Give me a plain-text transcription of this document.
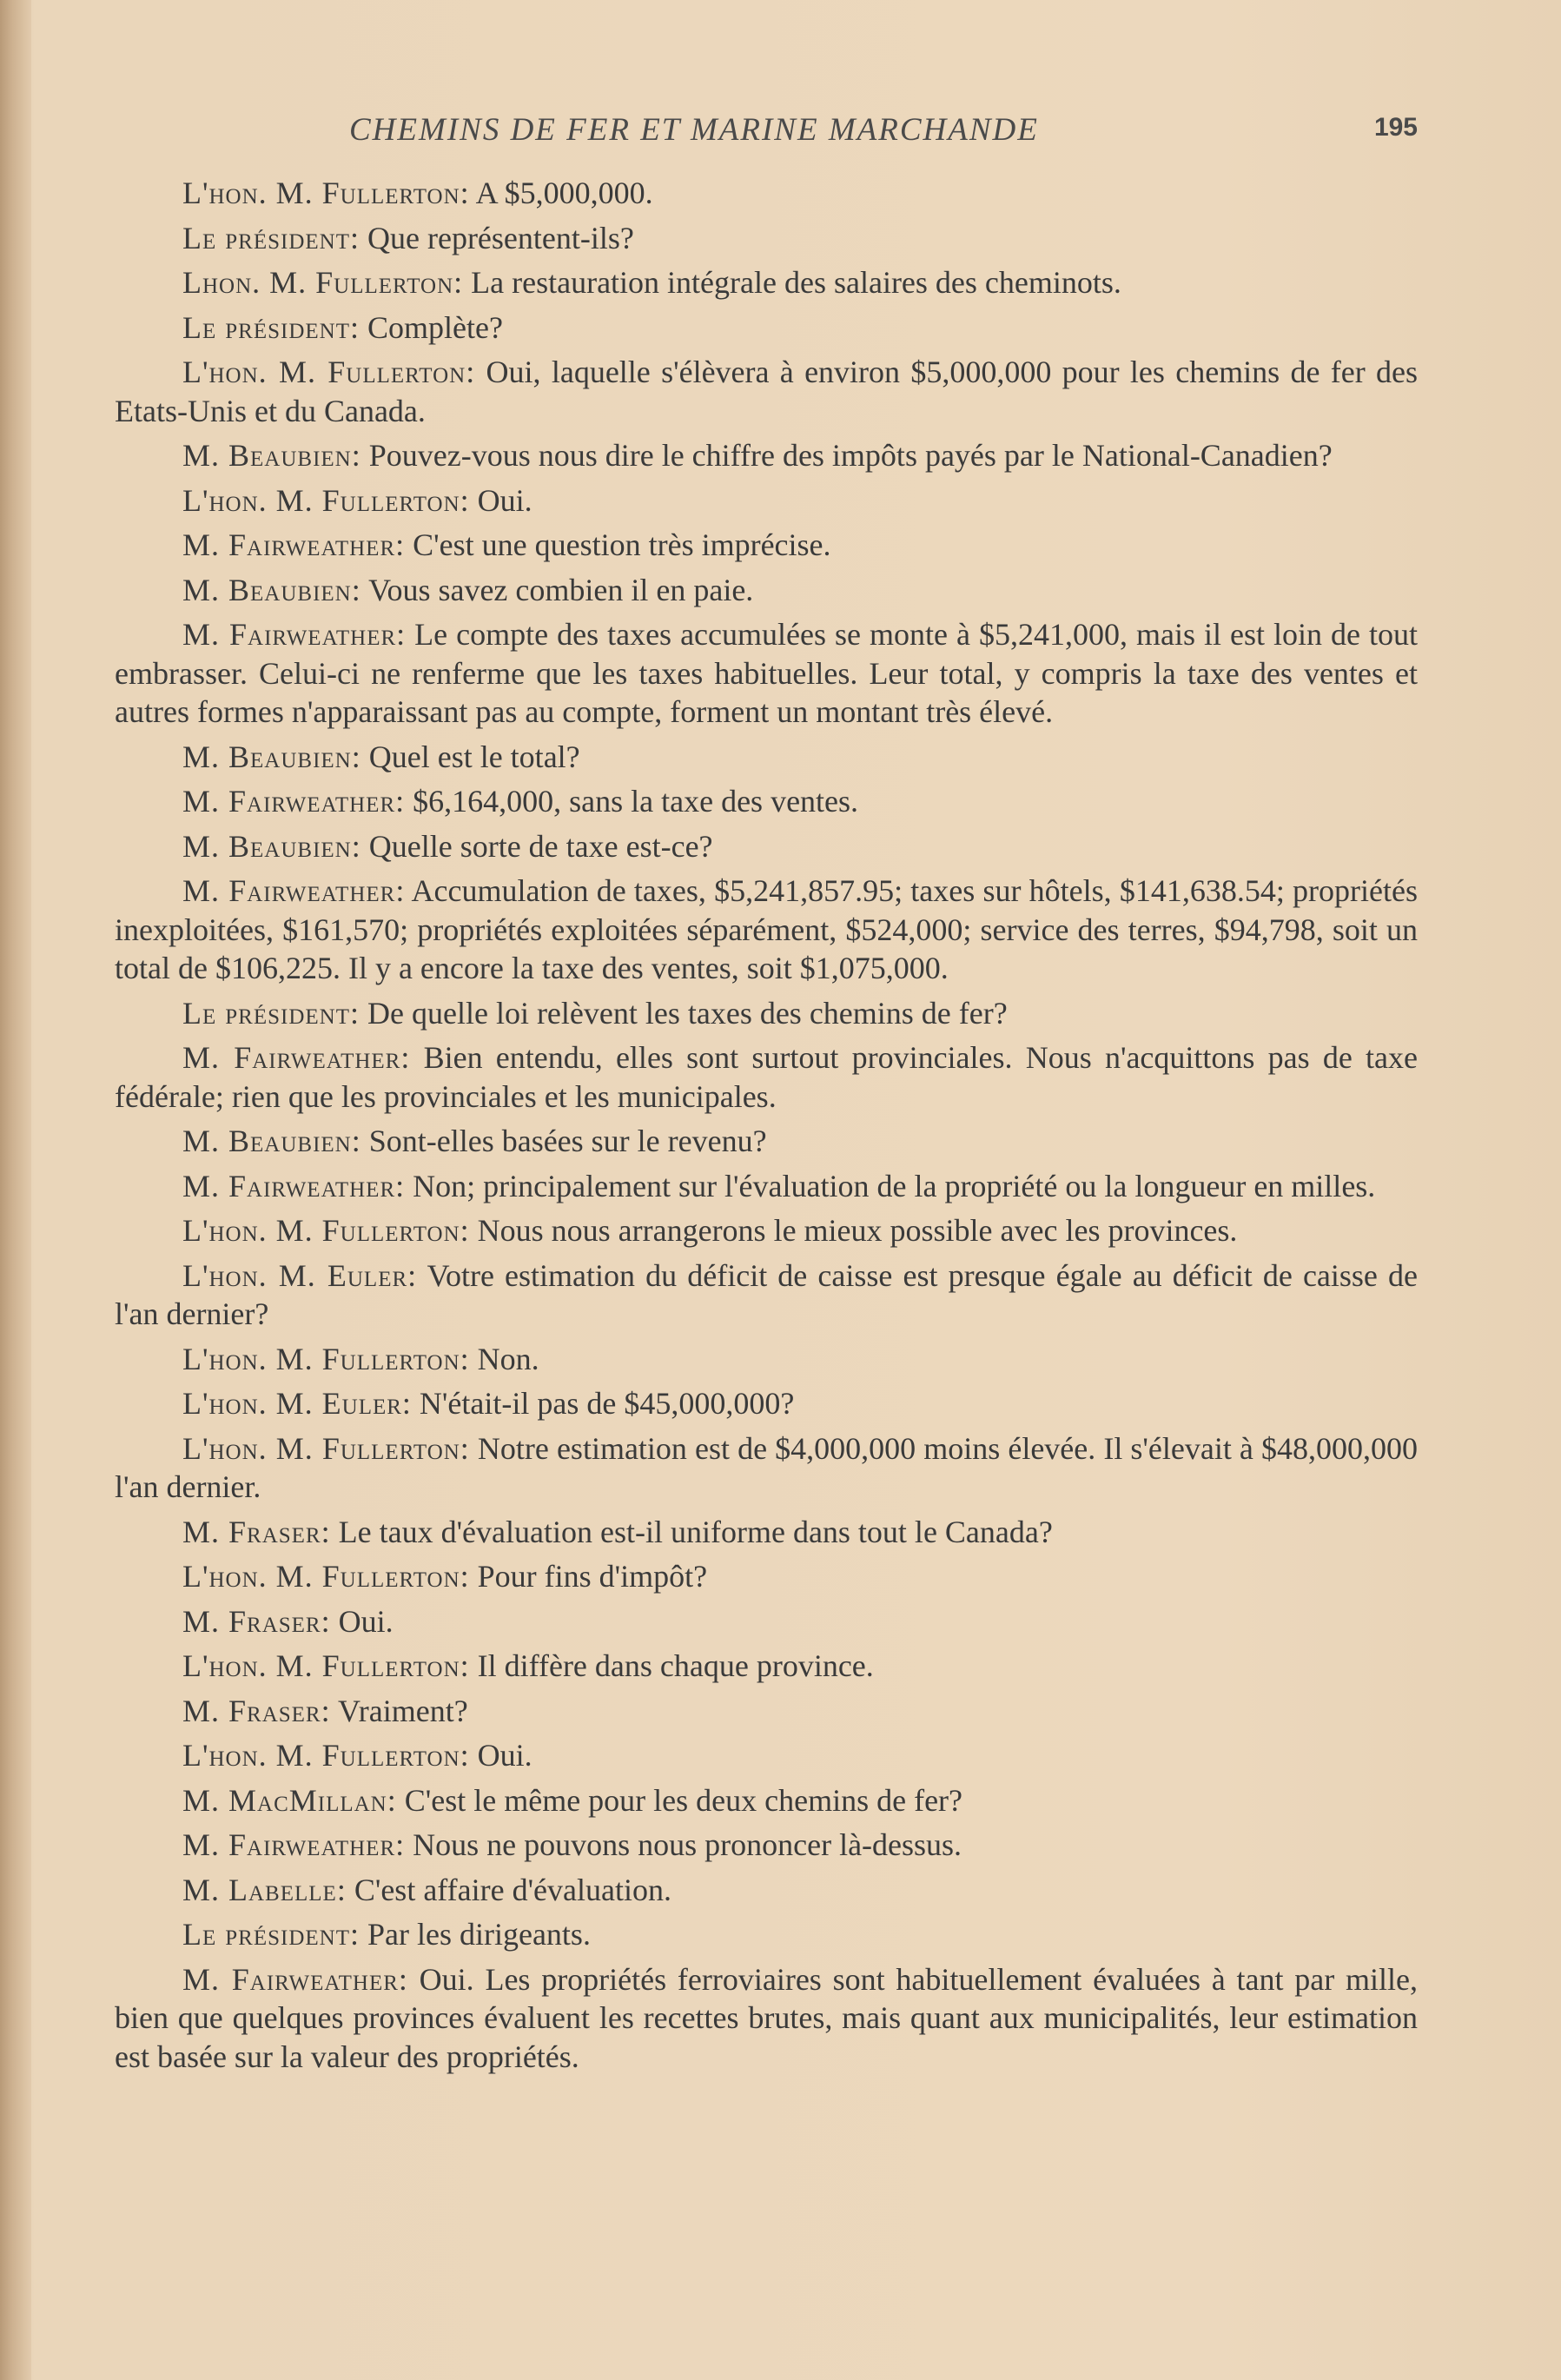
CHEMINS DE FER ET MARINE MARCHANDE	195

L'hon. M. Fullerton: A $5,000,000.

Le président: Que représentent-ils?

Lhon. M. Fullerton: La restauration intégrale des salaires des cheminots.

Le président: Complète?

L'hon. M. Fullerton: Oui, laquelle s'élèvera à environ $5,000,000 pour les chemins de fer des Etats-Unis et du Canada.

M. Beaubien: Pouvez-vous nous dire le chiffre des impôts payés par le National-Canadien?

L'hon. M. Fullerton: Oui.

M. Fairweather: C'est une question très imprécise.

M. Beaubien: Vous savez combien il en paie.

M. Fairweather: Le compte des taxes accumulées se monte à $5,241,000, mais il est loin de tout embrasser. Celui-ci ne renferme que les taxes habituelles. Leur total, y compris la taxe des ventes et autres formes n'apparaissant pas au compte, forment un montant très élevé.

M. Beaubien: Quel est le total?

M. Fairweather: $6,164,000, sans la taxe des ventes.

M. Beaubien: Quelle sorte de taxe est-ce?

M. Fairweather: Accumulation de taxes, $5,241,857.95; taxes sur hôtels, $141,638.54; propriétés inexploitées, $161,570; propriétés exploitées séparément, $524,000; service des terres, $94,798, soit un total de $106,225. Il y a encore la taxe des ventes, soit $1,075,000.

Le président: De quelle loi relèvent les taxes des chemins de fer?

M. Fairweather: Bien entendu, elles sont surtout provinciales. Nous n'acquittons pas de taxe fédérale; rien que les provinciales et les municipales.

M. Beaubien: Sont-elles basées sur le revenu?

M. Fairweather: Non; principalement sur l'évaluation de la propriété ou la longueur en milles.

L'hon. M. Fullerton: Nous nous arrangerons le mieux possible avec les provinces.

L'hon. M. Euler: Votre estimation du déficit de caisse est presque égale au déficit de caisse de l'an dernier?

L'hon. M. Fullerton: Non.

L'hon. M. Euler: N'était-il pas de $45,000,000?

L'hon. M. Fullerton: Notre estimation est de $4,000,000 moins élevée. Il s'élevait à $48,000,000 l'an dernier.

M. Fraser: Le taux d'évaluation est-il uniforme dans tout le Canada?

L'hon. M. Fullerton: Pour fins d'impôt?

M. Fraser: Oui.

L'hon. M. Fullerton: Il diffère dans chaque province.

M. Fraser: Vraiment?

L'hon. M. Fullerton: Oui.

M. MacMillan: C'est le même pour les deux chemins de fer?

M. Fairweather: Nous ne pouvons nous prononcer là-dessus.

M. Labelle: C'est affaire d'évaluation.

Le président: Par les dirigeants.

M. Fairweather: Oui. Les propriétés ferroviaires sont habituellement évaluées à tant par mille, bien que quelques provinces évaluent les recettes brutes, mais quant aux municipalités, leur estimation est basée sur la valeur des propriétés.
